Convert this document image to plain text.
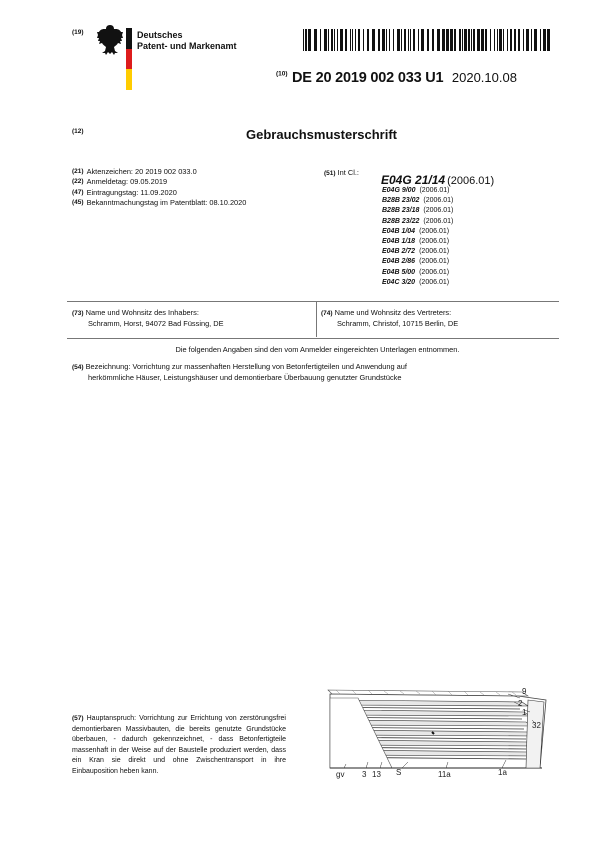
(19)	Deutsches
Patent- und Markenamt
$^{(10)}$ DE 20 2019 002 033 U1 2020.10.08
(12)	Gebrauchsmusterschrift
(21) Aktenzeichen: 20 2019 002 033.0
(22) Anmeldetag: 09.05.2019
(47) Eintragungstag: 11.09.2020
(45) Bekanntmachungstag im Patentblatt: 08.10.2020
(51) Int Cl.:
E04G 21/14 (2006.01)
E04G 9/00 (2006.01)
B28B 23/02 (2006.01)
B28B 23/18 (2006.01)
B28B 23/22 (2006.01)
E04B 1/04 (2006.01)
E04B 1/18 (2006.01)
E04B 2/72 (2006.01)
E04B 2/86 (2006.01)
E04B 5/00 (2006.01)
E04C 3/20 (2006.01)
(73) Name und Wohnsitz des Inhabers:
Schramm, Horst, 94072 Bad Füssing, DE
(74) Name und Wohnsitz des Vertreters:
Schramm, Christof, 10715 Berlin, DE
Die folgenden Angaben sind den vom Anmelder eingereichten Unterlagen entnommen.
(54) Bezeichnung: Vorrichtung zur massenhaften Herstellung von Betonfertigteilen und Anwendung auf
herkömmliche Häuser, Leistungshäuser und demontierbare Überbauung genutzter Grundstücke
(57) Hauptanspruch: Vorrichtung zur Errichtung von zerstörungsfrei demontierbaren Massivbauten, die bereits genutzte Grundstücke überbauen, - dadurch gekennzeichnet, - dass Betonfertigteile massenhaft in der Weise auf der Baustelle produziert werden, dass ein Kran sie direkt und ohne Zwischentransport in ihre Einbauposition heben kann.
9
2
1
32
gv 3 13 S	11a	1a
